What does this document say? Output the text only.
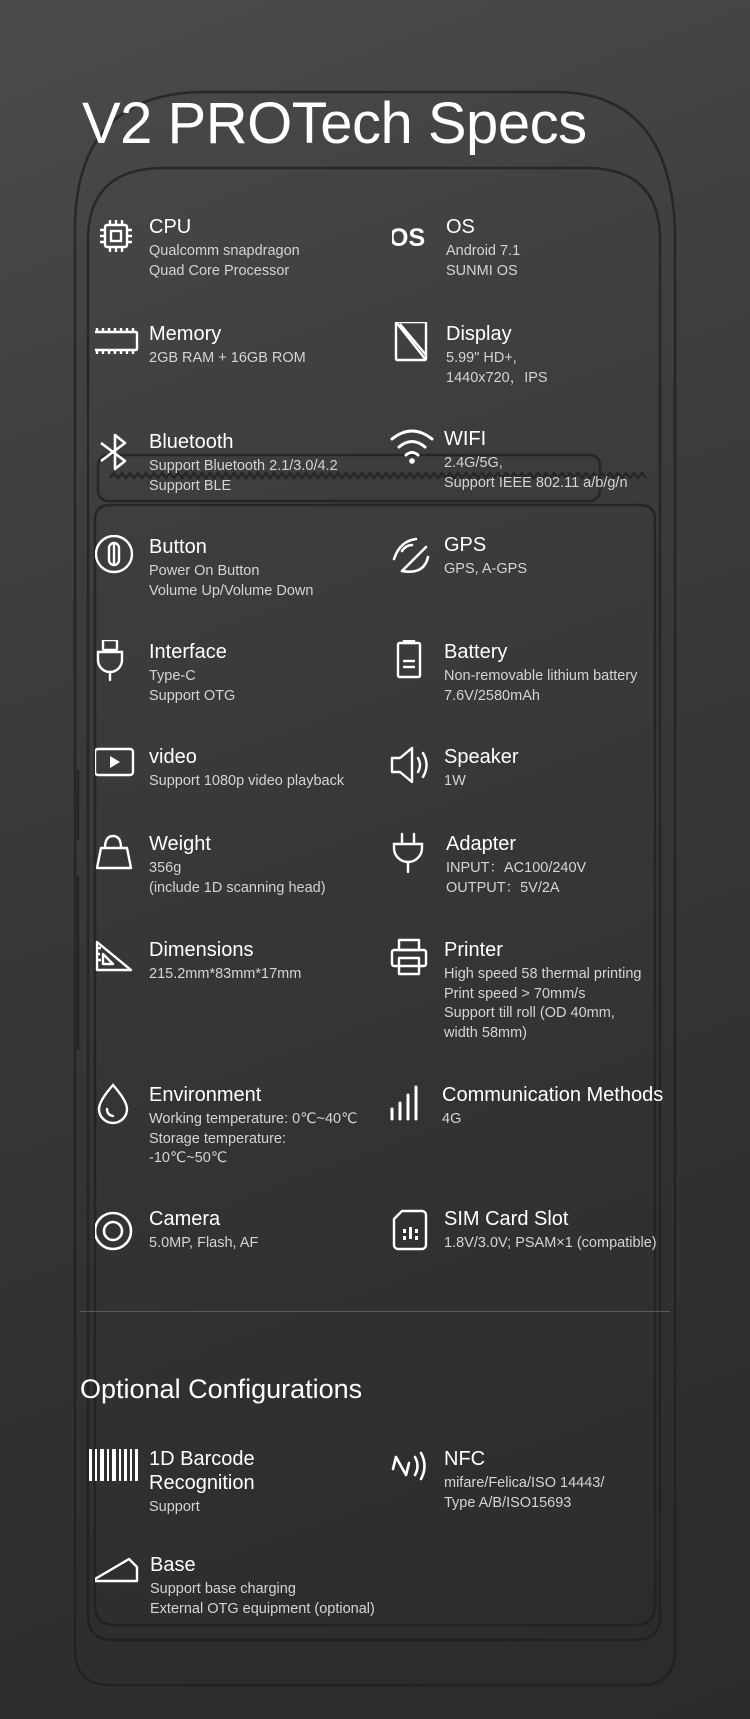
V2 PROTech Specs
CPU
Qualcomm snapdragon
Quad Core Processor
OS OS
Android 7.1
SUNMI OS
Memory
2GB RAM + 16GB ROM
Display
5.99" HD+,
1440x720，IPS
Bluetooth
Support Bluetooth 2.1/3.0/4.2
Support BLE
WIFI
2.4G/5G,
Support IEEE 802.11 a/b/g/n
Button
Power On Button
Volume Up/Volume Down
GPS
GPS, A-GPS
Interface
Type-C
Support OTG
Battery
Non-removable lithium battery
7.6V/2580mAh
video
Support 1080p video playback
Speaker
1W
Weight
356g
(include 1D scanning head)
Adapter
INPUT：AC100/240V
OUTPUT：5V/2A
Dimensions
215.2mm*83mm*17mm
Printer
High speed 58 thermal printing
Print speed > 70mm/s
Support till roll (OD 40mm,
width 58mm)
Environment
Working temperature: 0℃~40℃
Storage temperature:
-10℃~50℃
Communication Methods
4G
Camera
5.0MP, Flash, AF
SIM Card Slot
1.8V/3.0V; PSAM×1 (compatible)
Optional Configurations
1D Barcode
Recognition
Support
NFC
mifare/Felica/ISO 14443/
Type A/B/ISO15693
Base
Support base charging
External OTG equipment (optional)
